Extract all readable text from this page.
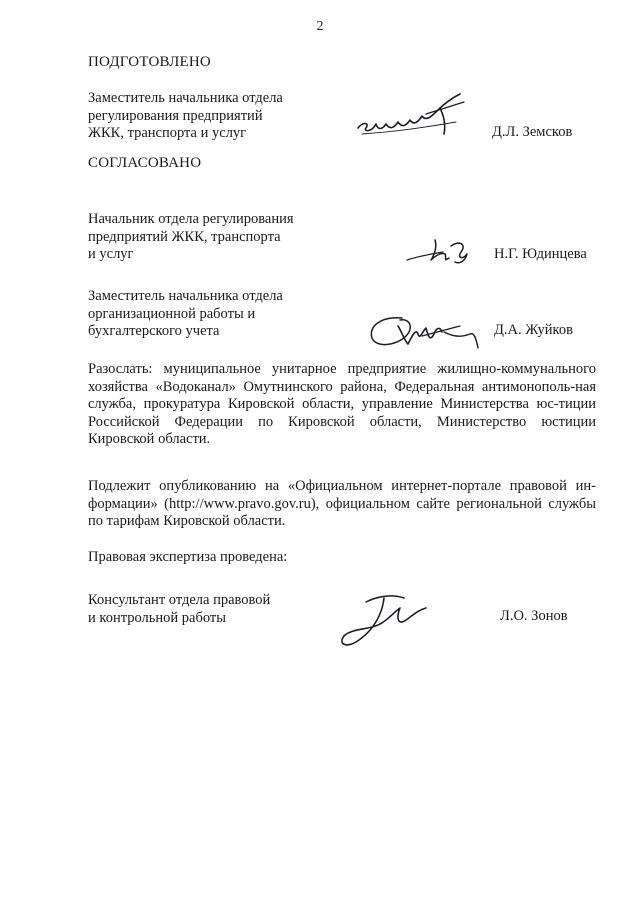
2
ПОДГОТОВЛЕНО
Заместитель начальника отдела
регулирования предприятий
ЖКК, транспорта и услуг	Д.Л. Земсков
СОГЛАСОВАНО
Начальник отдела регулирования
предприятий ЖКК, транспорта
и услуг	Н.Г. Юдинцева
Заместитель начальника отдела
организационной работы и
бухгалтерского учета	Д.А. Жуйков
Разослать: муниципальное унитарное предприятие жилищно-коммунального хозяйства «Водоканал» Омутнинского района, Федеральная антимонополь-ная служба, прокуратура Кировской области, управление Министерства юс-тиции Российской Федерации по Кировской области, Министерство юстиции Кировской области.
Подлежит опубликованию на «Официальном интернет-портале правовой ин-формации» (http://www.pravo.gov.ru), официальном сайте региональной службы по тарифам Кировской области.
Правовая экспертиза проведена:
Консультант отдела правовой
и контрольной работы	Л.О. Зонов
